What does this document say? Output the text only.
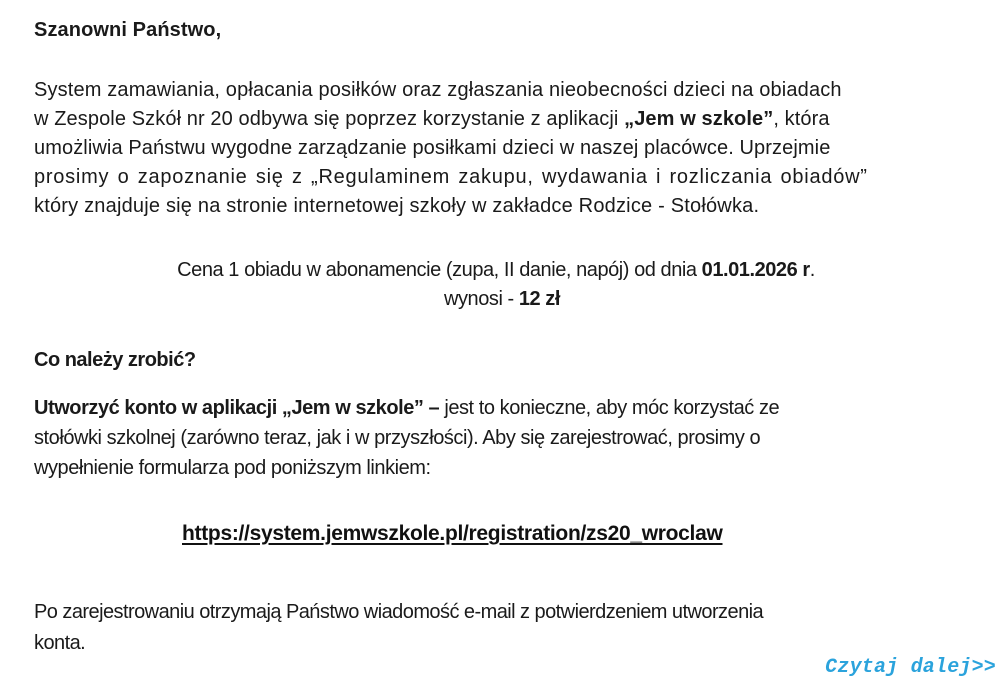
Szanowni Państwo,
System zamawiania, opłacania posiłków oraz zgłaszania nieobecności dzieci na obiadach
w Zespole Szkół nr 20 odbywa się poprzez korzystanie z aplikacji „Jem w szkole”, która
umożliwia Państwu wygodne zarządzanie posiłkami dzieci w naszej placówce. Uprzejmie
prosimy o zapoznanie się z „Regulaminem zakupu, wydawania i rozliczania obiadów”
który znajduje się na stronie internetowej szkoły w zakładce Rodzice - Stołówka.
Cena 1 obiadu w abonamencie (zupa, II danie, napój) od dnia 01.01.2026 r.
wynosi - 12 zł
Co należy zrobić?
Utworzyć konto w aplikacji „Jem w szkole” – jest to konieczne, aby móc korzystać ze
stołówki szkolnej (zarówno teraz, jak i w przyszłości). Aby się zarejestrować, prosimy o
wypełnienie formularza pod poniższym linkiem:
https://system.jemwszkole.pl/registration/zs20_wroclaw
Po zarejestrowaniu otrzymają Państwo wiadomość e-mail z potwierdzeniem utworzenia
konta.
Czytaj dalej>>
